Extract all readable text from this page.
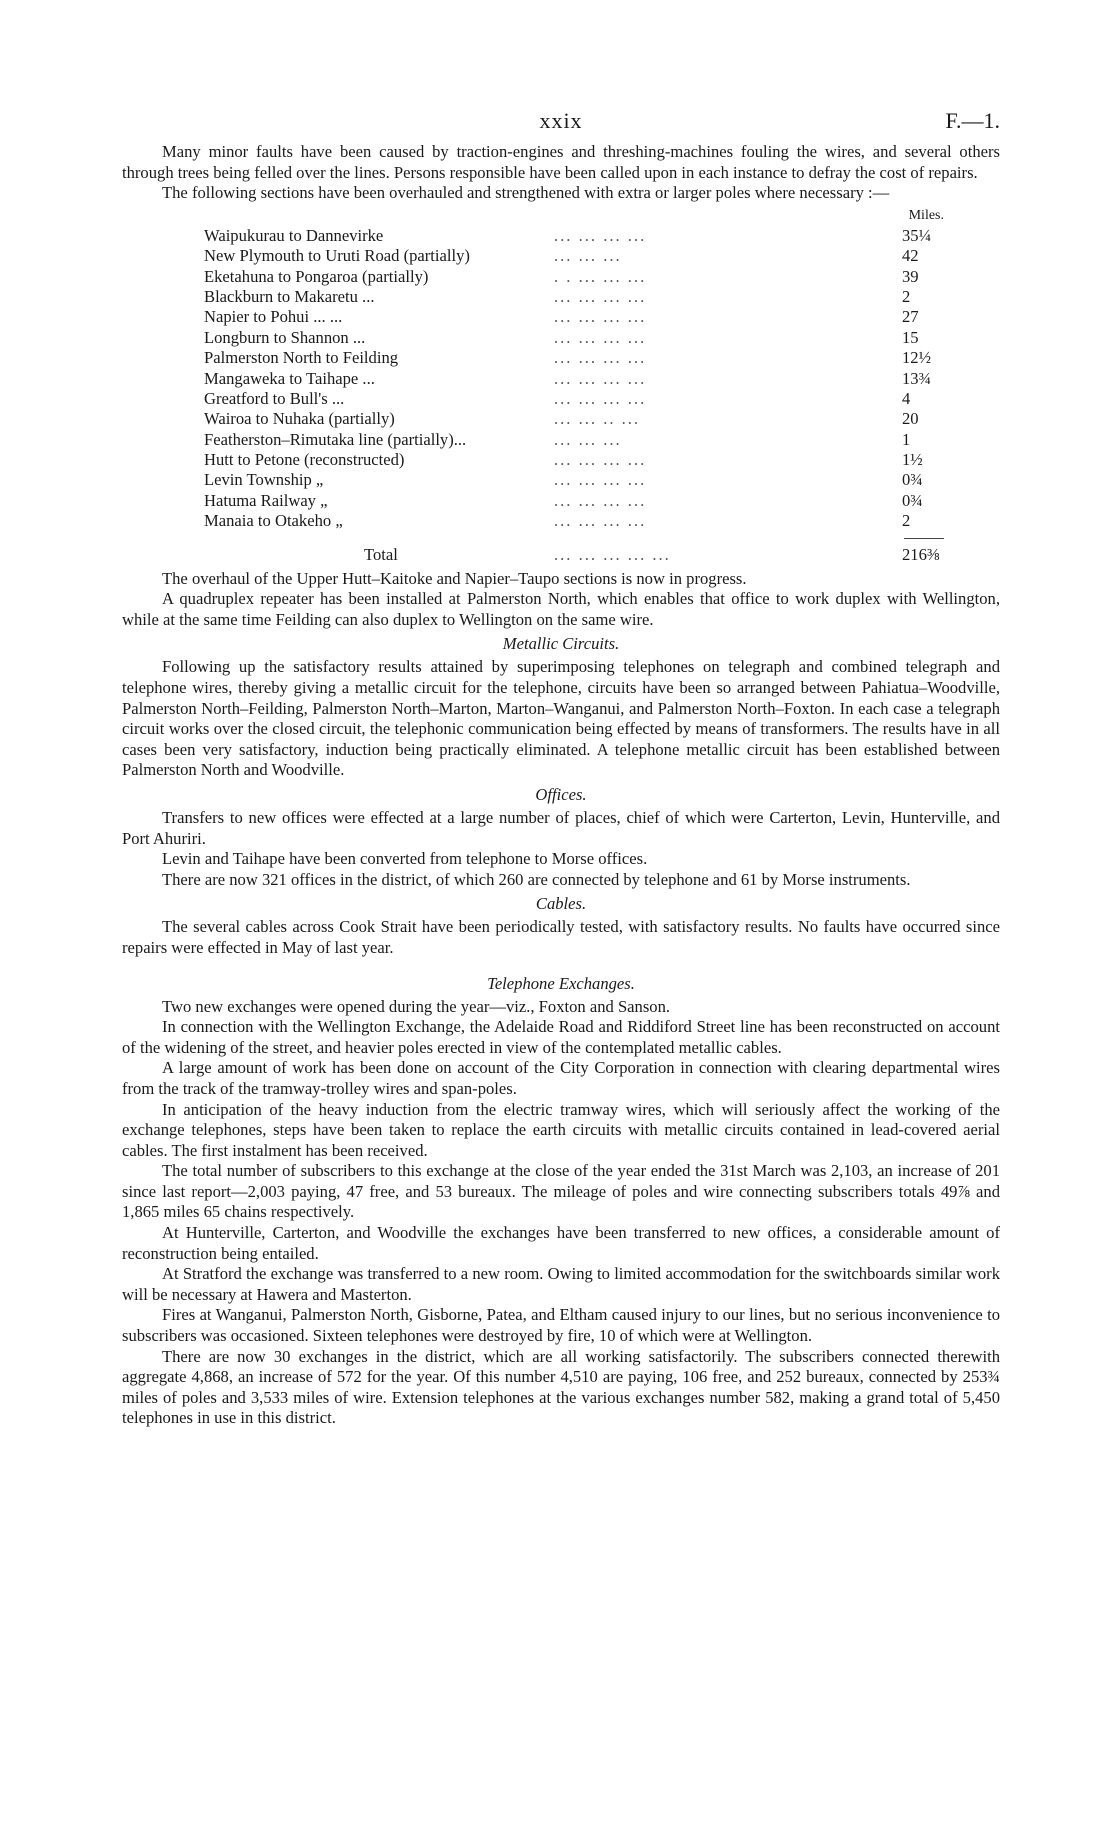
xxix	F.—1.

Many minor faults have been caused by traction-engines and threshing-machines fouling the wires, and several others through trees being felled over the lines. Persons responsible have been called upon in each instance to defray the cost of repairs.

The following sections have been overhauled and strengthened with extra or larger poles where necessary :—

Miles.
Waipukurau to Dannevirke	... ... ... ...	35¼
New Plymouth to Uruti Road (partially)	... ... ...	42
Eketahuna to Pongaroa (partially)	. . ... ... ...	39
Blackburn to Makaretu ...	... ... ... ...	2
Napier to Pohui ... ...	... ... ... ...	27
Longburn to Shannon ...	... ... ... ...	15
Palmerston North to Feilding	... ... ... ...	12½
Mangaweka to Taihape ...	... ... ... ...	13¾
Greatford to Bull's ...	... ... ... ...	4
Wairoa to Nuhaka (partially)	... ... .. ...	20
Featherston–Rimutaka line (partially)...	... ... ...	1
Hutt to Petone (reconstructed)	... ... ... ...	1½
Levin Township „	... ... ... ...	0¾
Hatuma Railway „	... ... ... ...	0¾
Manaia to Otakeho „	... ... ... ...	2
Total	... ... ... ... ...	216⅜

The overhaul of the Upper Hutt–Kaitoke and Napier–Taupo sections is now in progress.

A quadruplex repeater has been installed at Palmerston North, which enables that office to work duplex with Wellington, while at the same time Feilding can also duplex to Wellington on the same wire.

Metallic Circuits.

Following up the satisfactory results attained by superimposing telephones on telegraph and combined telegraph and telephone wires, thereby giving a metallic circuit for the telephone, circuits have been so arranged between Pahiatua–Woodville, Palmerston North–Feilding, Palmerston North–Marton, Marton–Wanganui, and Palmerston North–Foxton. In each case a telegraph circuit works over the closed circuit, the telephonic communication being effected by means of transformers. The results have in all cases been very satisfactory, induction being practically eliminated. A telephone metallic circuit has been established between Palmerston North and Woodville.

Offices.

Transfers to new offices were effected at a large number of places, chief of which were Carterton, Levin, Hunterville, and Port Ahuriri.

Levin and Taihape have been converted from telephone to Morse offices.

There are now 321 offices in the district, of which 260 are connected by telephone and 61 by Morse instruments.

Cables.

The several cables across Cook Strait have been periodically tested, with satisfactory results. No faults have occurred since repairs were effected in May of last year.

Telephone Exchanges.

Two new exchanges were opened during the year—viz., Foxton and Sanson.

In connection with the Wellington Exchange, the Adelaide Road and Riddiford Street line has been reconstructed on account of the widening of the street, and heavier poles erected in view of the contemplated metallic cables.

A large amount of work has been done on account of the City Corporation in connection with clearing departmental wires from the track of the tramway-trolley wires and span-poles.

In anticipation of the heavy induction from the electric tramway wires, which will seriously affect the working of the exchange telephones, steps have been taken to replace the earth circuits with metallic circuits contained in lead-covered aerial cables. The first instalment has been received.

The total number of subscribers to this exchange at the close of the year ended the 31st March was 2,103, an increase of 201 since last report—2,003 paying, 47 free, and 53 bureaux. The mileage of poles and wire connecting subscribers totals 49⅞ and 1,865 miles 65 chains respectively.

At Hunterville, Carterton, and Woodville the exchanges have been transferred to new offices, a considerable amount of reconstruction being entailed.

At Stratford the exchange was transferred to a new room. Owing to limited accommodation for the switchboards similar work will be necessary at Hawera and Masterton.

Fires at Wanganui, Palmerston North, Gisborne, Patea, and Eltham caused injury to our lines, but no serious inconvenience to subscribers was occasioned. Sixteen telephones were destroyed by fire, 10 of which were at Wellington.

There are now 30 exchanges in the district, which are all working satisfactorily. The subscribers connected therewith aggregate 4,868, an increase of 572 for the year. Of this number 4,510 are paying, 106 free, and 252 bureaux, connected by 253¾ miles of poles and 3,533 miles of wire. Extension telephones at the various exchanges number 582, making a grand total of 5,450 telephones in use in this district.
